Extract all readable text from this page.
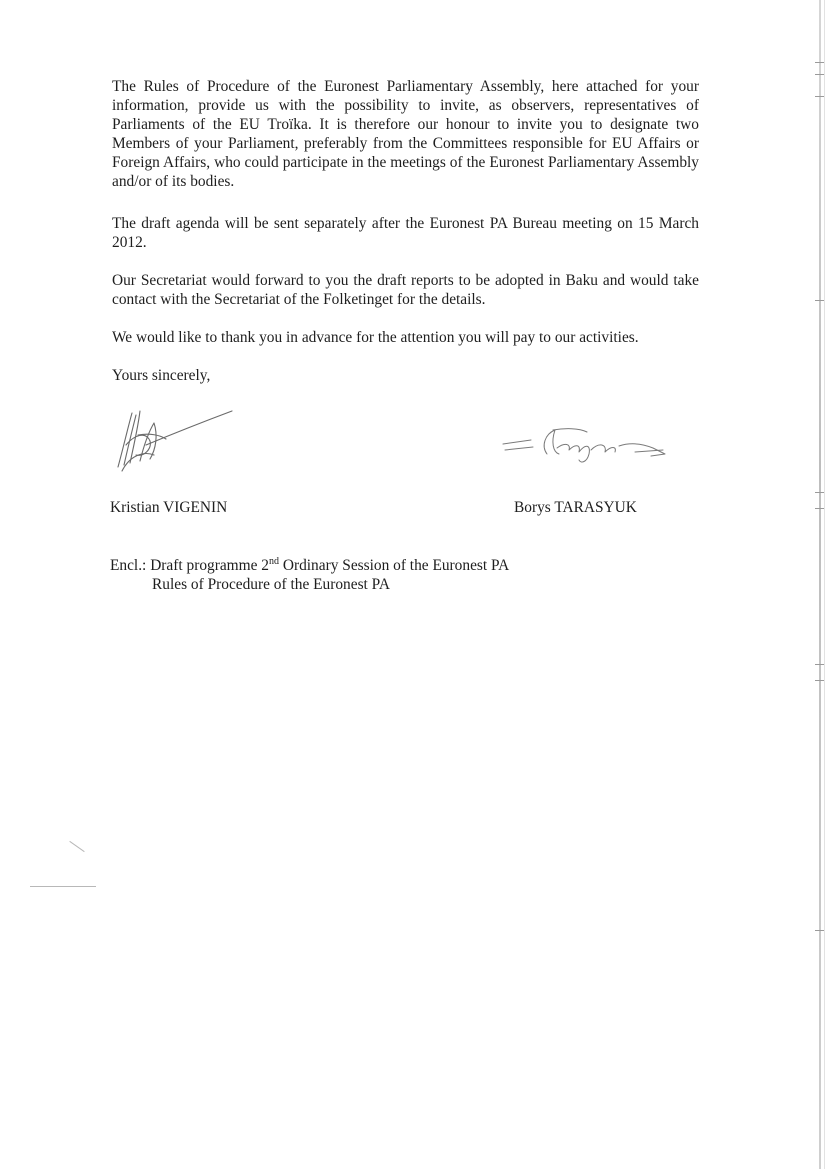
The Rules of Procedure of the Euronest Parliamentary Assembly, here attached for your information, provide us with the possibility to invite, as observers, representatives of Parliaments of the EU Troïka. It is therefore our honour to invite you to designate two Members of your Parliament, preferably from the Committees responsible for EU Affairs or Foreign Affairs, who could participate in the meetings of the Euronest Parliamentary Assembly and/or of its bodies.

The draft agenda will be sent separately after the Euronest PA Bureau meeting on 15 March 2012.

Our Secretariat would forward to you the draft reports to be adopted in Baku and would take contact with the Secretariat of the Folketinget for the details.

We would like to thank you in advance for the attention you will pay to our activities.

Yours sincerely,

Kristian VIGENIN	Borys TARASYUK

Encl.: Draft programme 2nd Ordinary Session of the Euronest PA
Rules of Procedure of the Euronest PA
